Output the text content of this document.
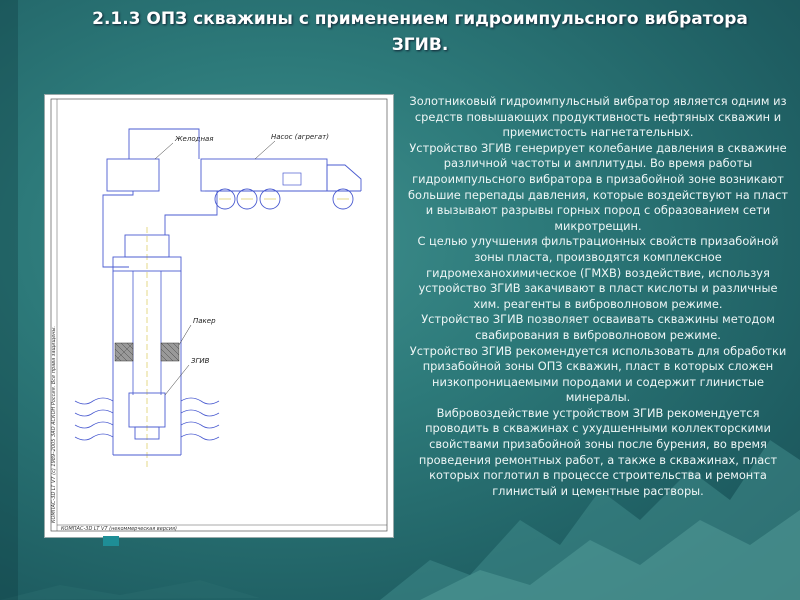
2.1.3 ОПЗ скважины с применением гидроимпульсного вибратора
ЗГИВ.
Желодная	Насос (агрегат)
Пакер
ЗГИВ
КОМПАС-3D LT V7 (c) 1989–2005 ЗАО АСКОН Россия. Все права защищены.
КОМПАС-3D LT V7 (некоммерческая версия)

Золотниковый гидроимпульсный вибратор является одним из средств повышающих продуктивность нефтяных скважин и приемистость нагнетательных.

Устройство ЗГИВ генерирует колебание давления в скважине различной частоты и амплитуды. Во время работы гидроимпульсного вибратора в призабойной зоне возникают большие перепады давления, которые воздействуют на пласт и вызывают разрывы горных пород с образованием сети микротрещин.

С целью улучшения фильтрационных свойств призабойной зоны пласта, производятся комплексное гидромеханохимическое (ГМХВ) воздействие, используя устройство ЗГИВ закачивают в пласт кислоты и различные хим. реагенты в виброволновом режиме.

Устройство ЗГИВ позволяет осваивать скважины методом свабирования в виброволновом режиме.

Устройство ЗГИВ рекомендуется использовать для обработки призабойной зоны ОПЗ скважин, пласт в которых сложен низкопроницаемыми породами и содержит глинистые минералы.

Вибровоздействие устройством ЗГИВ рекомендуется проводить в скважинах с ухудшенными коллекторскими свойствами призабойной зоны после бурения, во время проведения ремонтных работ, а также в скважинах, пласт которых поглотил в процессе строительства и ремонта глинистый и цементные растворы.
